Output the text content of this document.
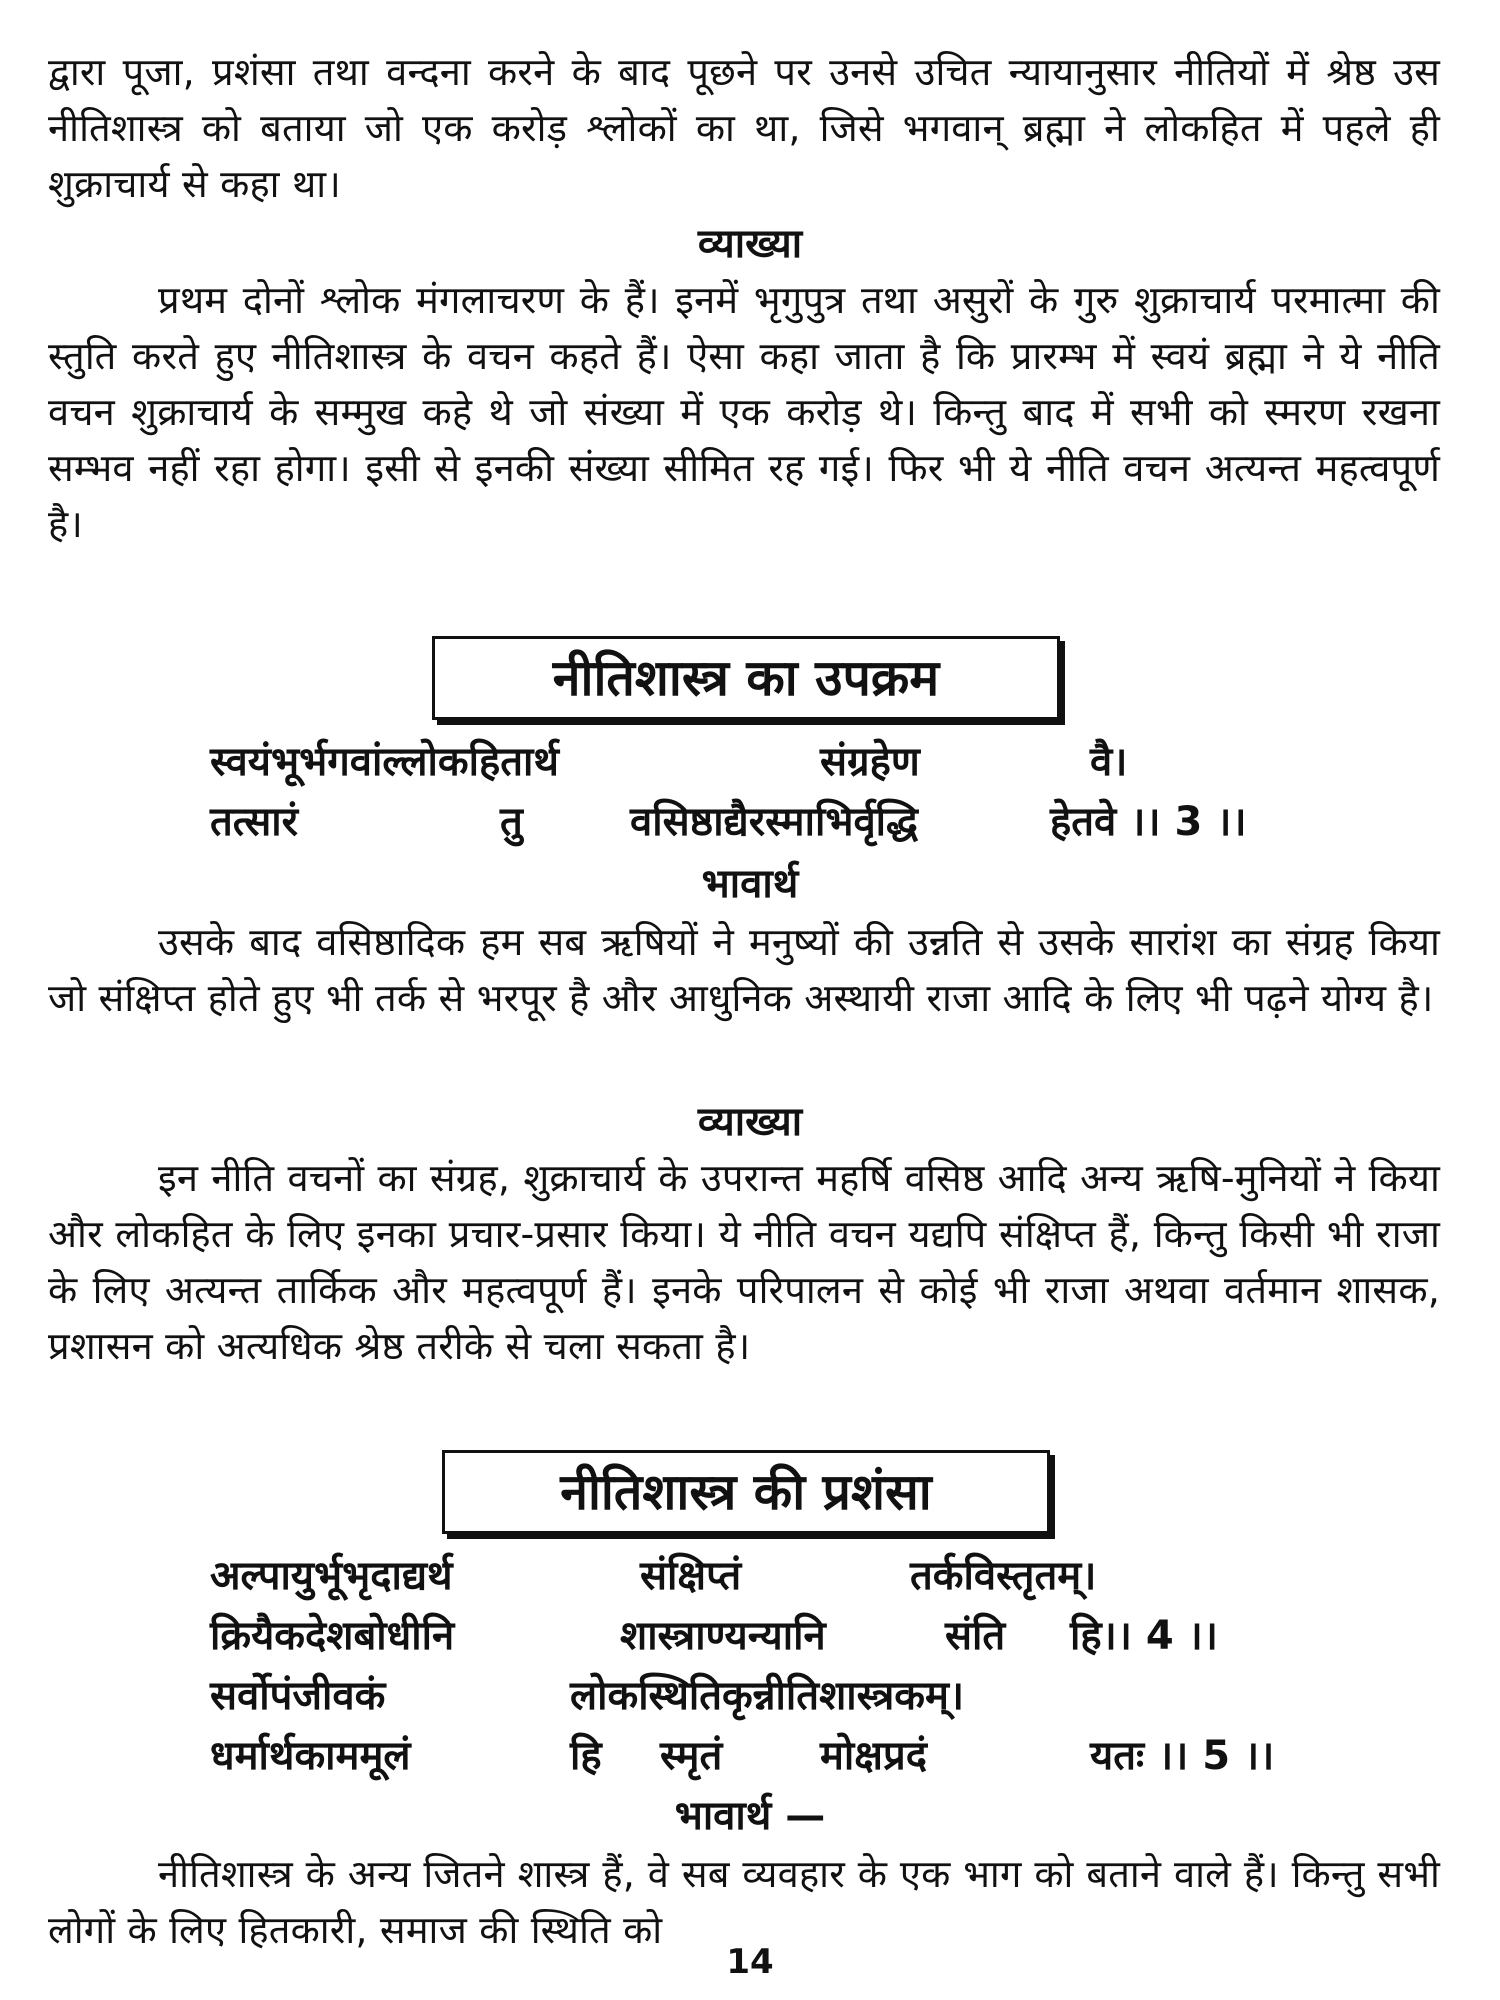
द्वारा पूजा, प्रशंसा तथा वन्दना करने के बाद पूछने पर उनसे उचित न्यायानुसार नीतियों में श्रेष्ठ उस नीतिशास्त्र को बताया जो एक करोड़ श्लोकों का था, जिसे भगवान् ब्रह्मा ने लोकहित में पहले ही शुक्राचार्य से कहा था।

व्याख्या

प्रथम दोनों श्लोक मंगलाचरण के हैं। इनमें भृगुपुत्र तथा असुरों के गुरु शुक्राचार्य परमात्मा की स्तुति करते हुए नीतिशास्त्र के वचन कहते हैं। ऐसा कहा जाता है कि प्रारम्भ में स्वयं ब्रह्मा ने ये नीति वचन शुक्राचार्य के सम्मुख कहे थे जो संख्या में एक करोड़ थे। किन्तु बाद में सभी को स्मरण रखना सम्भव नहीं रहा होगा। इसी से इनकी संख्या सीमित रह गई। फिर भी ये नीति वचन अत्यन्त महत्वपूर्ण है।

नीतिशास्त्र का उपक्रम
स्वयंभूर्भगवांल्लोकहितार्थ	संग्रहेण	वै।
तत्सारं	तु	वसिष्ठाद्यैरस्माभिर्वृद्धि	हेतवे ।। 3 ।।
भावार्थ

उसके बाद वसिष्ठादिक हम सब ऋषियों ने मनुष्यों की उन्नति से उसके सारांश का संग्रह किया जो संक्षिप्त होते हुए भी तर्क से भरपूर है और आधुनिक अस्थायी राजा आदि के लिए भी पढ़ने योग्य है।

व्याख्या

इन नीति वचनों का संग्रह, शुक्राचार्य के उपरान्त महर्षि वसिष्ठ आदि अन्य ऋषि-मुनियों ने किया और लोकहित के लिए इनका प्रचार-प्रसार किया। ये नीति वचन यद्यपि संक्षिप्त हैं, किन्तु किसी भी राजा के लिए अत्यन्त तार्किक और महत्वपूर्ण हैं। इनके परिपालन से कोई भी राजा अथवा वर्तमान शासक, प्रशासन को अत्यधिक श्रेष्ठ तरीके से चला सकता है।

नीतिशास्त्र की प्रशंसा
अल्पायुर्भूभृदाद्यर्थ	संक्षिप्तं	तर्कविस्तृतम्।
क्रियैकदेशबोधीनि	शास्त्राण्यन्यानि	संति हि।। 4 ।।
सर्वोपंजीवकं	लोकस्थितिकृन्नीतिशास्त्रकम्।
धर्मार्थकाममूलं	हि स्मृतं मोक्षप्रदं	यतः ।। 5 ।।
भावार्थ —

नीतिशास्त्र के अन्य जितने शास्त्र हैं, वे सब व्यवहार के एक भाग को बताने वाले हैं। किन्तु सभी लोगों के लिए हितकारी, समाज की स्थिति को

14
